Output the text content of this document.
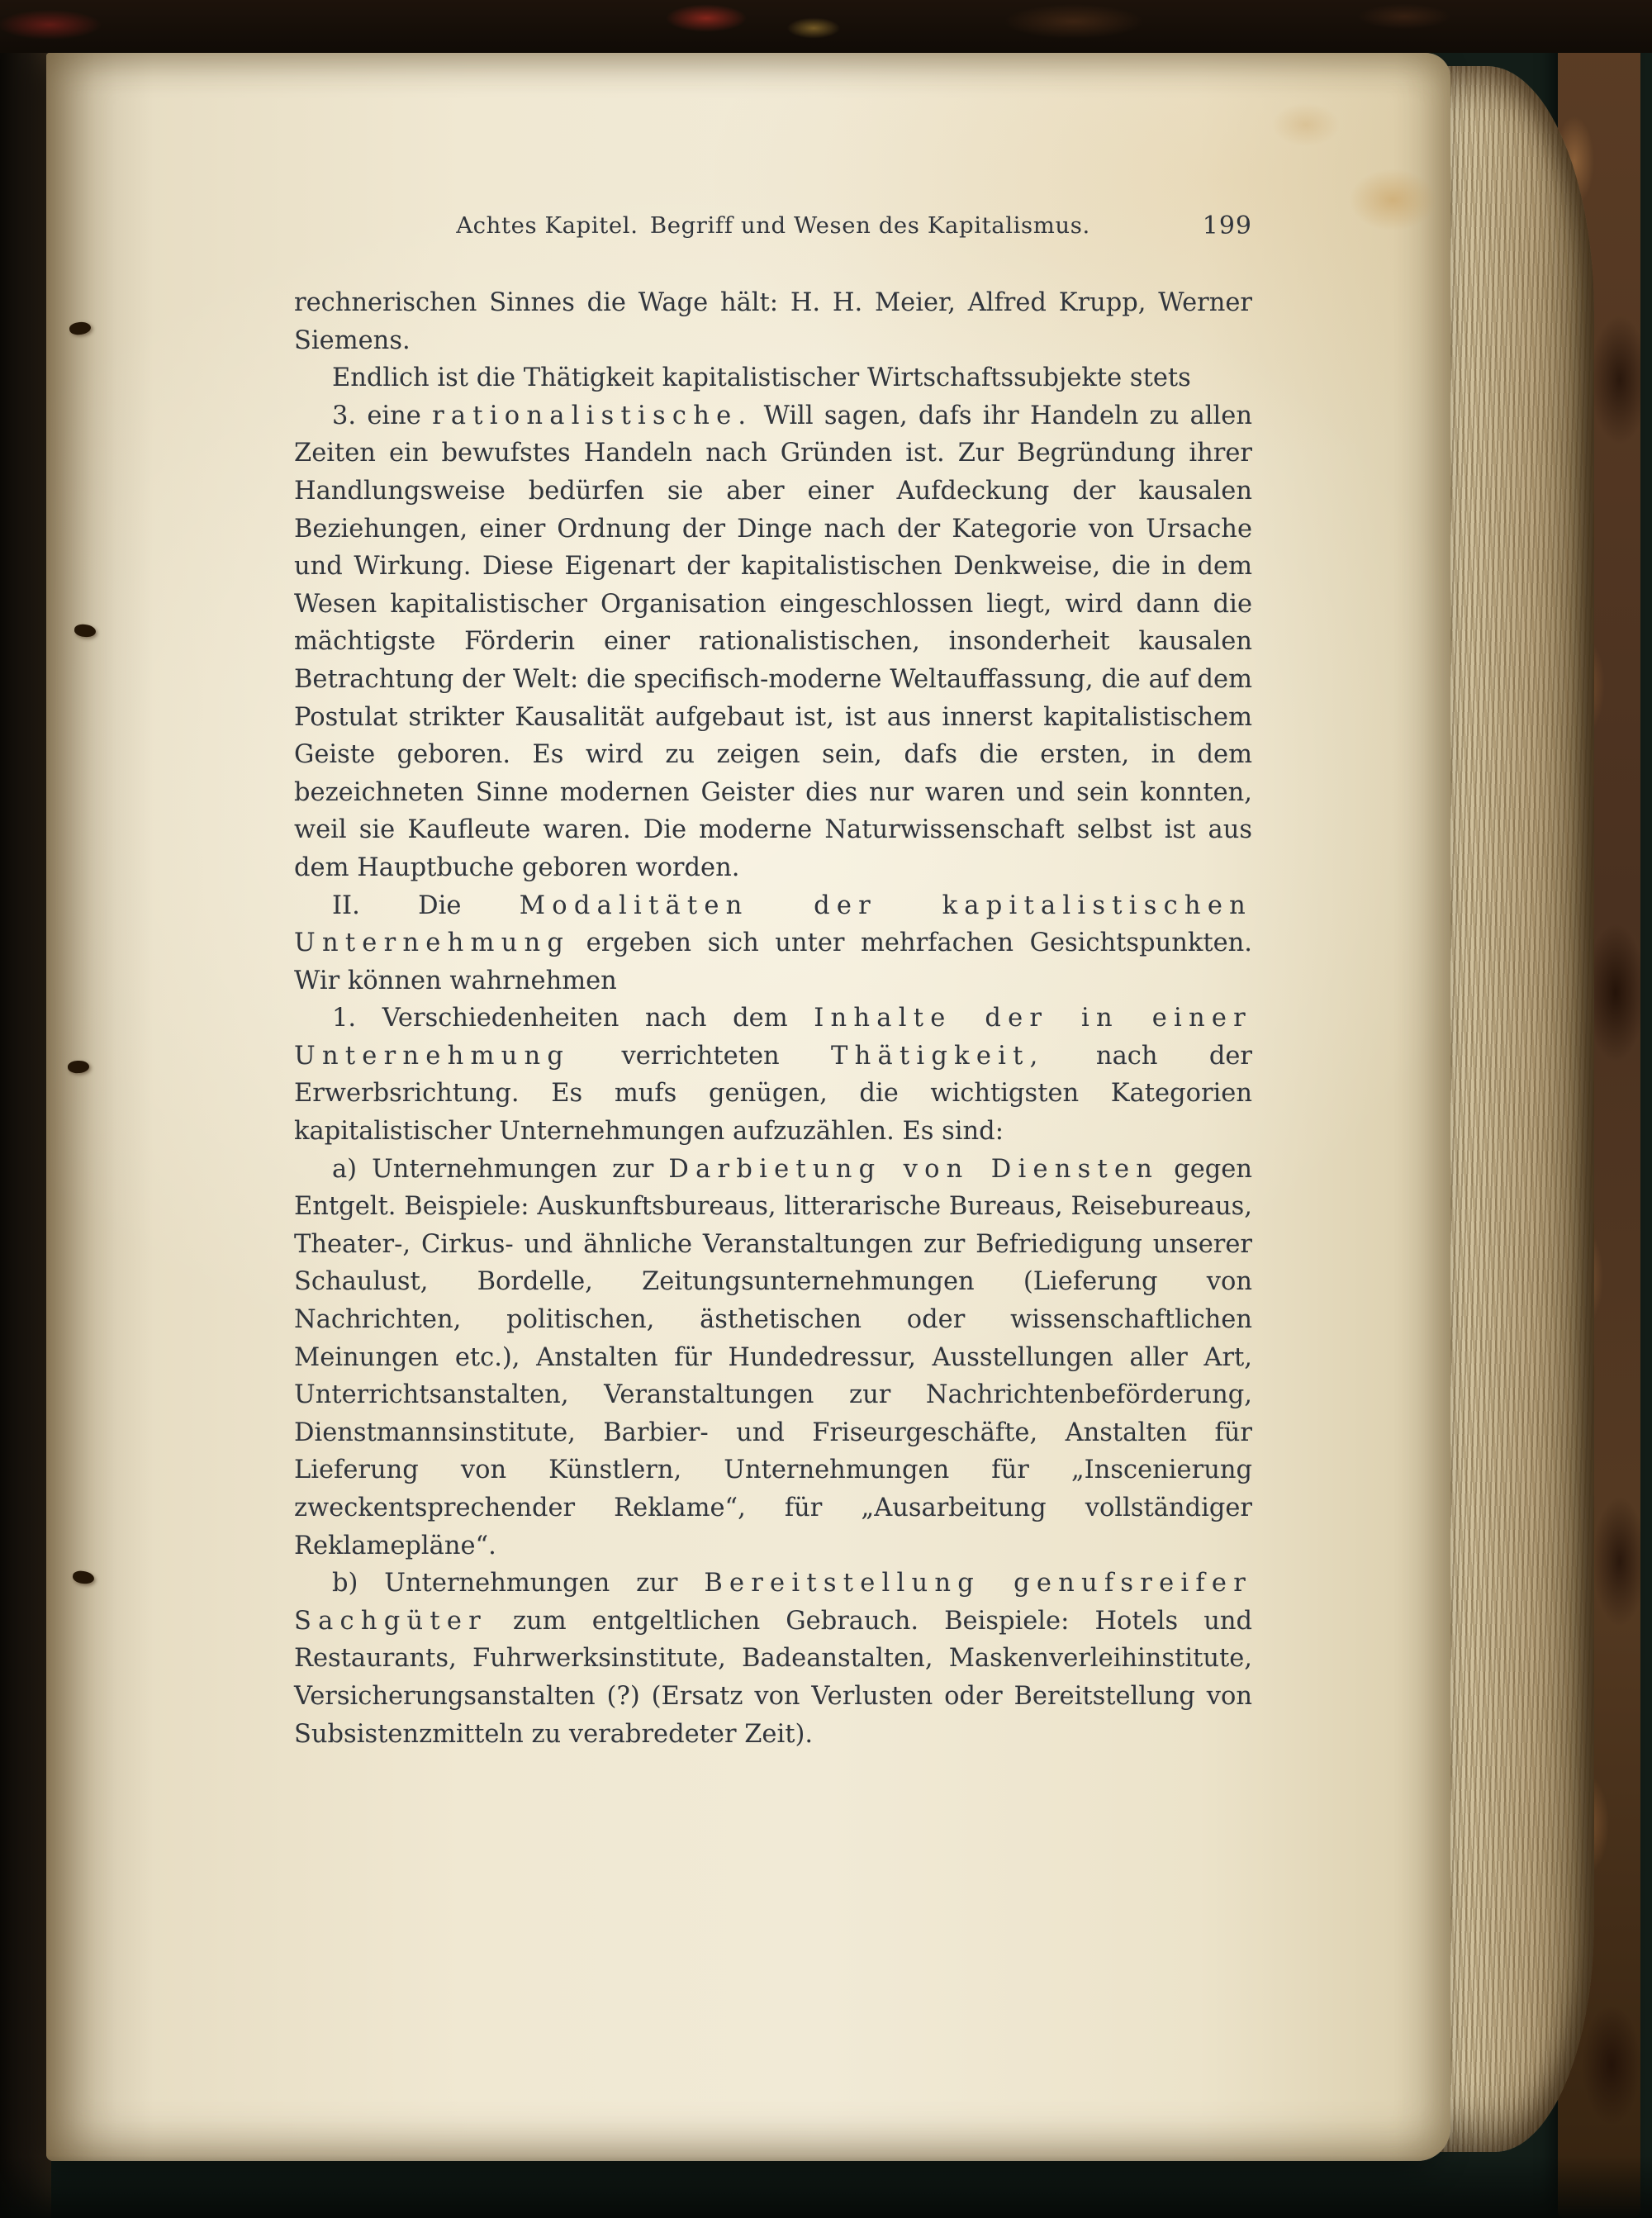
Achtes Kapitel. Begriff und Wesen des Kapitalismus.	199

rechnerischen Sinnes die Wage hält: H. H. Meier, Alfred Krupp, Werner Siemens.

Endlich ist die Thätigkeit kapitalistischer Wirtschaftssubjekte stets

3. eine rationalistische. Will sagen, dafs ihr Handeln zu allen Zeiten ein bewufstes Handeln nach Gründen ist. Zur Begründung ihrer Handlungsweise bedürfen sie aber einer Aufdeckung der kausalen Beziehungen, einer Ordnung der Dinge nach der Kategorie von Ursache und Wirkung. Diese Eigenart der kapitalistischen Denkweise, die in dem Wesen kapitalistischer Organisation eingeschlossen liegt, wird dann die mächtigste Förderin einer rationalistischen, insonderheit kausalen Betrachtung der Welt: die specifisch-moderne Weltauffassung, die auf dem Postulat strikter Kausalität aufgebaut ist, ist aus innerst kapitalistischem Geiste geboren. Es wird zu zeigen sein, dafs die ersten, in dem bezeichneten Sinne modernen Geister dies nur waren und sein konnten, weil sie Kaufleute waren. Die moderne Naturwissenschaft selbst ist aus dem Hauptbuche geboren worden.

II. Die Modalitäten der kapitalistischen Unternehmung ergeben sich unter mehrfachen Gesichtspunkten. Wir können wahrnehmen

1. Verschiedenheiten nach dem Inhalte der in einer Unternehmung verrichteten Thätigkeit, nach der Erwerbsrichtung. Es mufs genügen, die wichtigsten Kategorien kapitalistischer Unternehmungen aufzuzählen. Es sind:

a) Unternehmungen zur Darbietung von Diensten gegen Entgelt. Beispiele: Auskunftsbureaus, litterarische Bureaus, Reisebureaus, Theater-, Cirkus- und ähnliche Veranstaltungen zur Befriedigung unserer Schaulust, Bordelle, Zeitungsunternehmungen (Lieferung von Nachrichten, politischen, ästhetischen oder wissenschaftlichen Meinungen etc.), Anstalten für Hundedressur, Ausstellungen aller Art, Unterrichtsanstalten, Veranstaltungen zur Nachrichtenbeförderung, Dienstmannsinstitute, Barbier- und Friseurgeschäfte, Anstalten für Lieferung von Künstlern, Unternehmungen für „Inscenierung zweckentsprechender Reklame“, für „Ausarbeitung vollständiger Reklamepläne“.

b) Unternehmungen zur Bereitstellung genufsreifer Sachgüter zum entgeltlichen Gebrauch. Beispiele: Hotels und Restaurants, Fuhrwerksinstitute, Badeanstalten, Maskenverleihinstitute, Versicherungsanstalten (?) (Ersatz von Verlusten oder Bereitstellung von Subsistenzmitteln zu verabredeter Zeit).
